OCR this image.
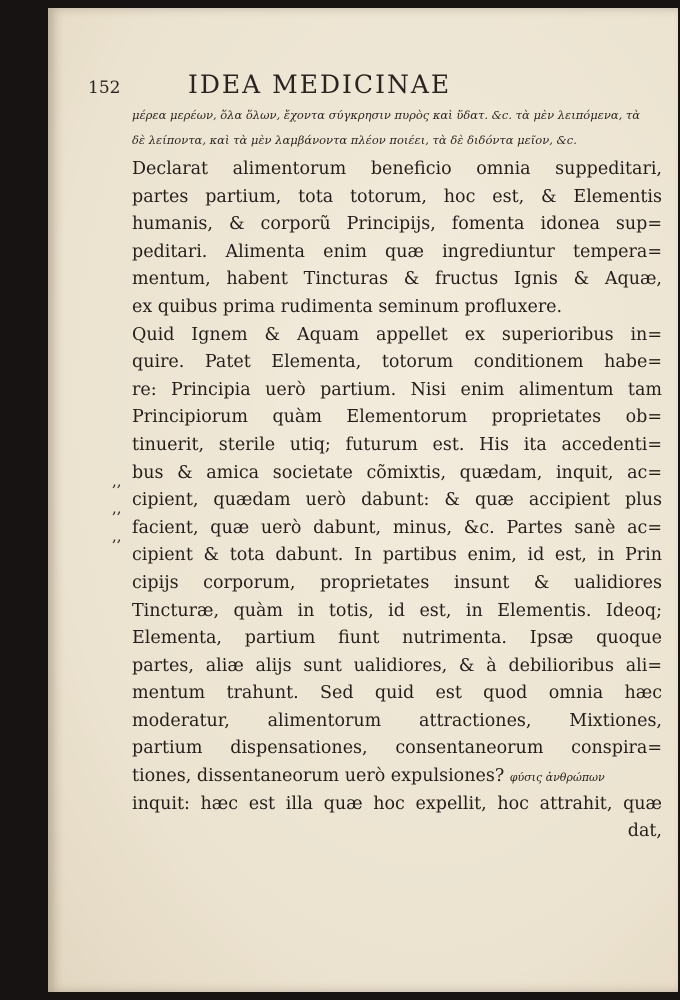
152	IDEA MEDICINAE
μέρεα μερέων, ὅλα ὅλων, ἔχοντα σύγκρησιν πυρὸς καὶ ὕδατ. &c. τὰ μὲν λειπόμενα, τὰ
δὲ λείποντα, καὶ τὰ μὲν λαμβάνοντα πλέον ποιέει, τὰ δὲ διδόντα μεῖον, &c.
,,
,,
,,
Declarat alimentorum beneficio omnia suppeditari,
partes partium, tota totorum, hoc est, & Elementis
humanis, & corporũ Principijs, fomenta idonea sup=
peditari. Alimenta enim quæ ingrediuntur tempera=
mentum, habent Tincturas & fructus Ignis & Aquæ,
ex quibus prima rudimenta seminum profluxere.
Quid Ignem & Aquam appellet ex superioribus in=
quire. Patet Elementa, totorum conditionem habe=
re: Principia uerò partium. Nisi enim alimentum tam
Principiorum quàm Elementorum proprietates ob=
tinuerit, sterile utiq; futurum est. His ita accedenti=
bus & amica societate cõmixtis, quædam, inquit, ac=
cipient, quædam uerò dabunt: & quæ accipient plus
facient, quæ uerò dabunt, minus, &c. Partes sanè ac=
cipient & tota dabunt. In partibus enim, id est, in Prin
cipijs corporum, proprietates insunt & ualidiores
Tincturæ, quàm in totis, id est, in Elementis. Ideoq;
Elementa, partium fiunt nutrimenta. Ipsæ quoque
partes, aliæ alijs sunt ualidiores, & à debilioribus ali=
mentum trahunt. Sed quid est quod omnia hæc
moderatur, alimentorum attractiones, Mixtiones,
partium dispensationes, consentaneorum conspira=
tiones, dissentaneorum uerò expulsiones? φύσις ἀνθρώπων
inquit: hæc est illa quæ hoc expellit, hoc attrahit, quæ
dat,
